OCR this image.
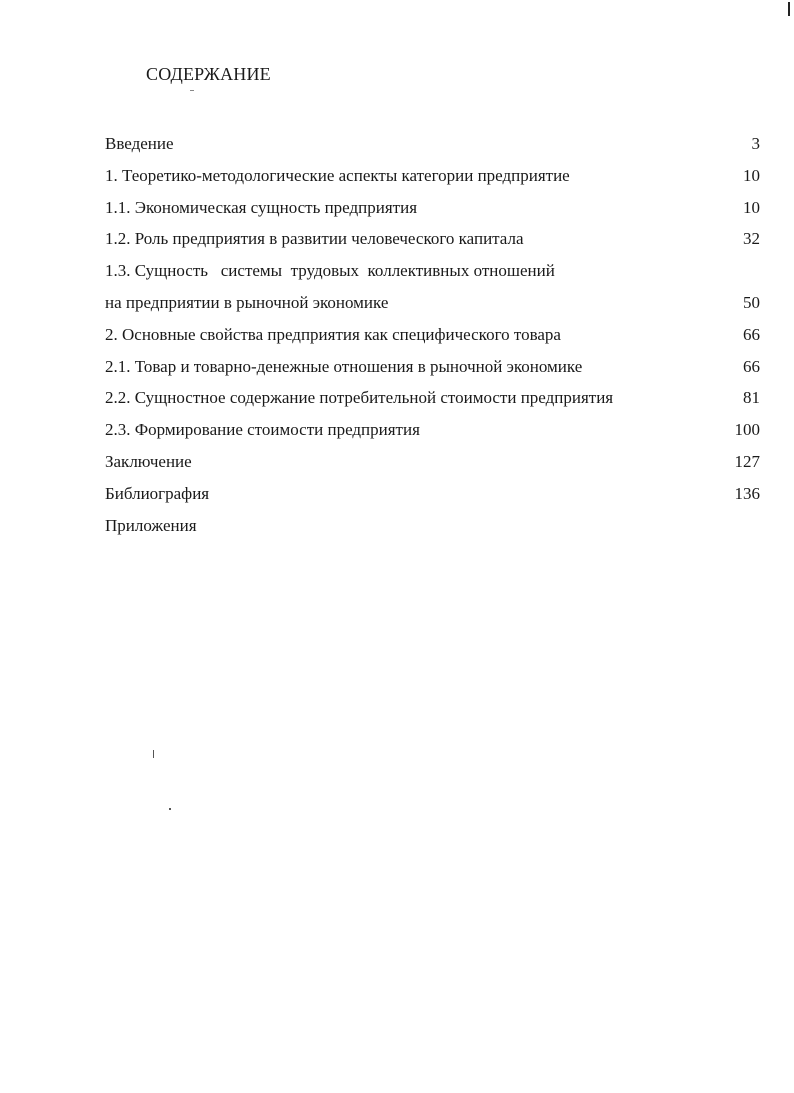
СОДЕРЖАНИЕ
Введение	3
1. Теоретико-методологические аспекты категории предприятие	10
1.1. Экономическая сущность предприятия	10
1.2. Роль предприятия в развитии человеческого капитала	32
1.3. Сущность   системы  трудовых  коллективных отношений
на предприятии в рыночной экономике	50
2. Основные свойства предприятия как специфического товара	66
2.1. Товар и товарно-денежные отношения в рыночной экономике	66
2.2. Сущностное содержание потребительной стоимости предприятия	81
2.3. Формирование стоимости предприятия	100
Заключение	127
Библиография	136
Приложения
